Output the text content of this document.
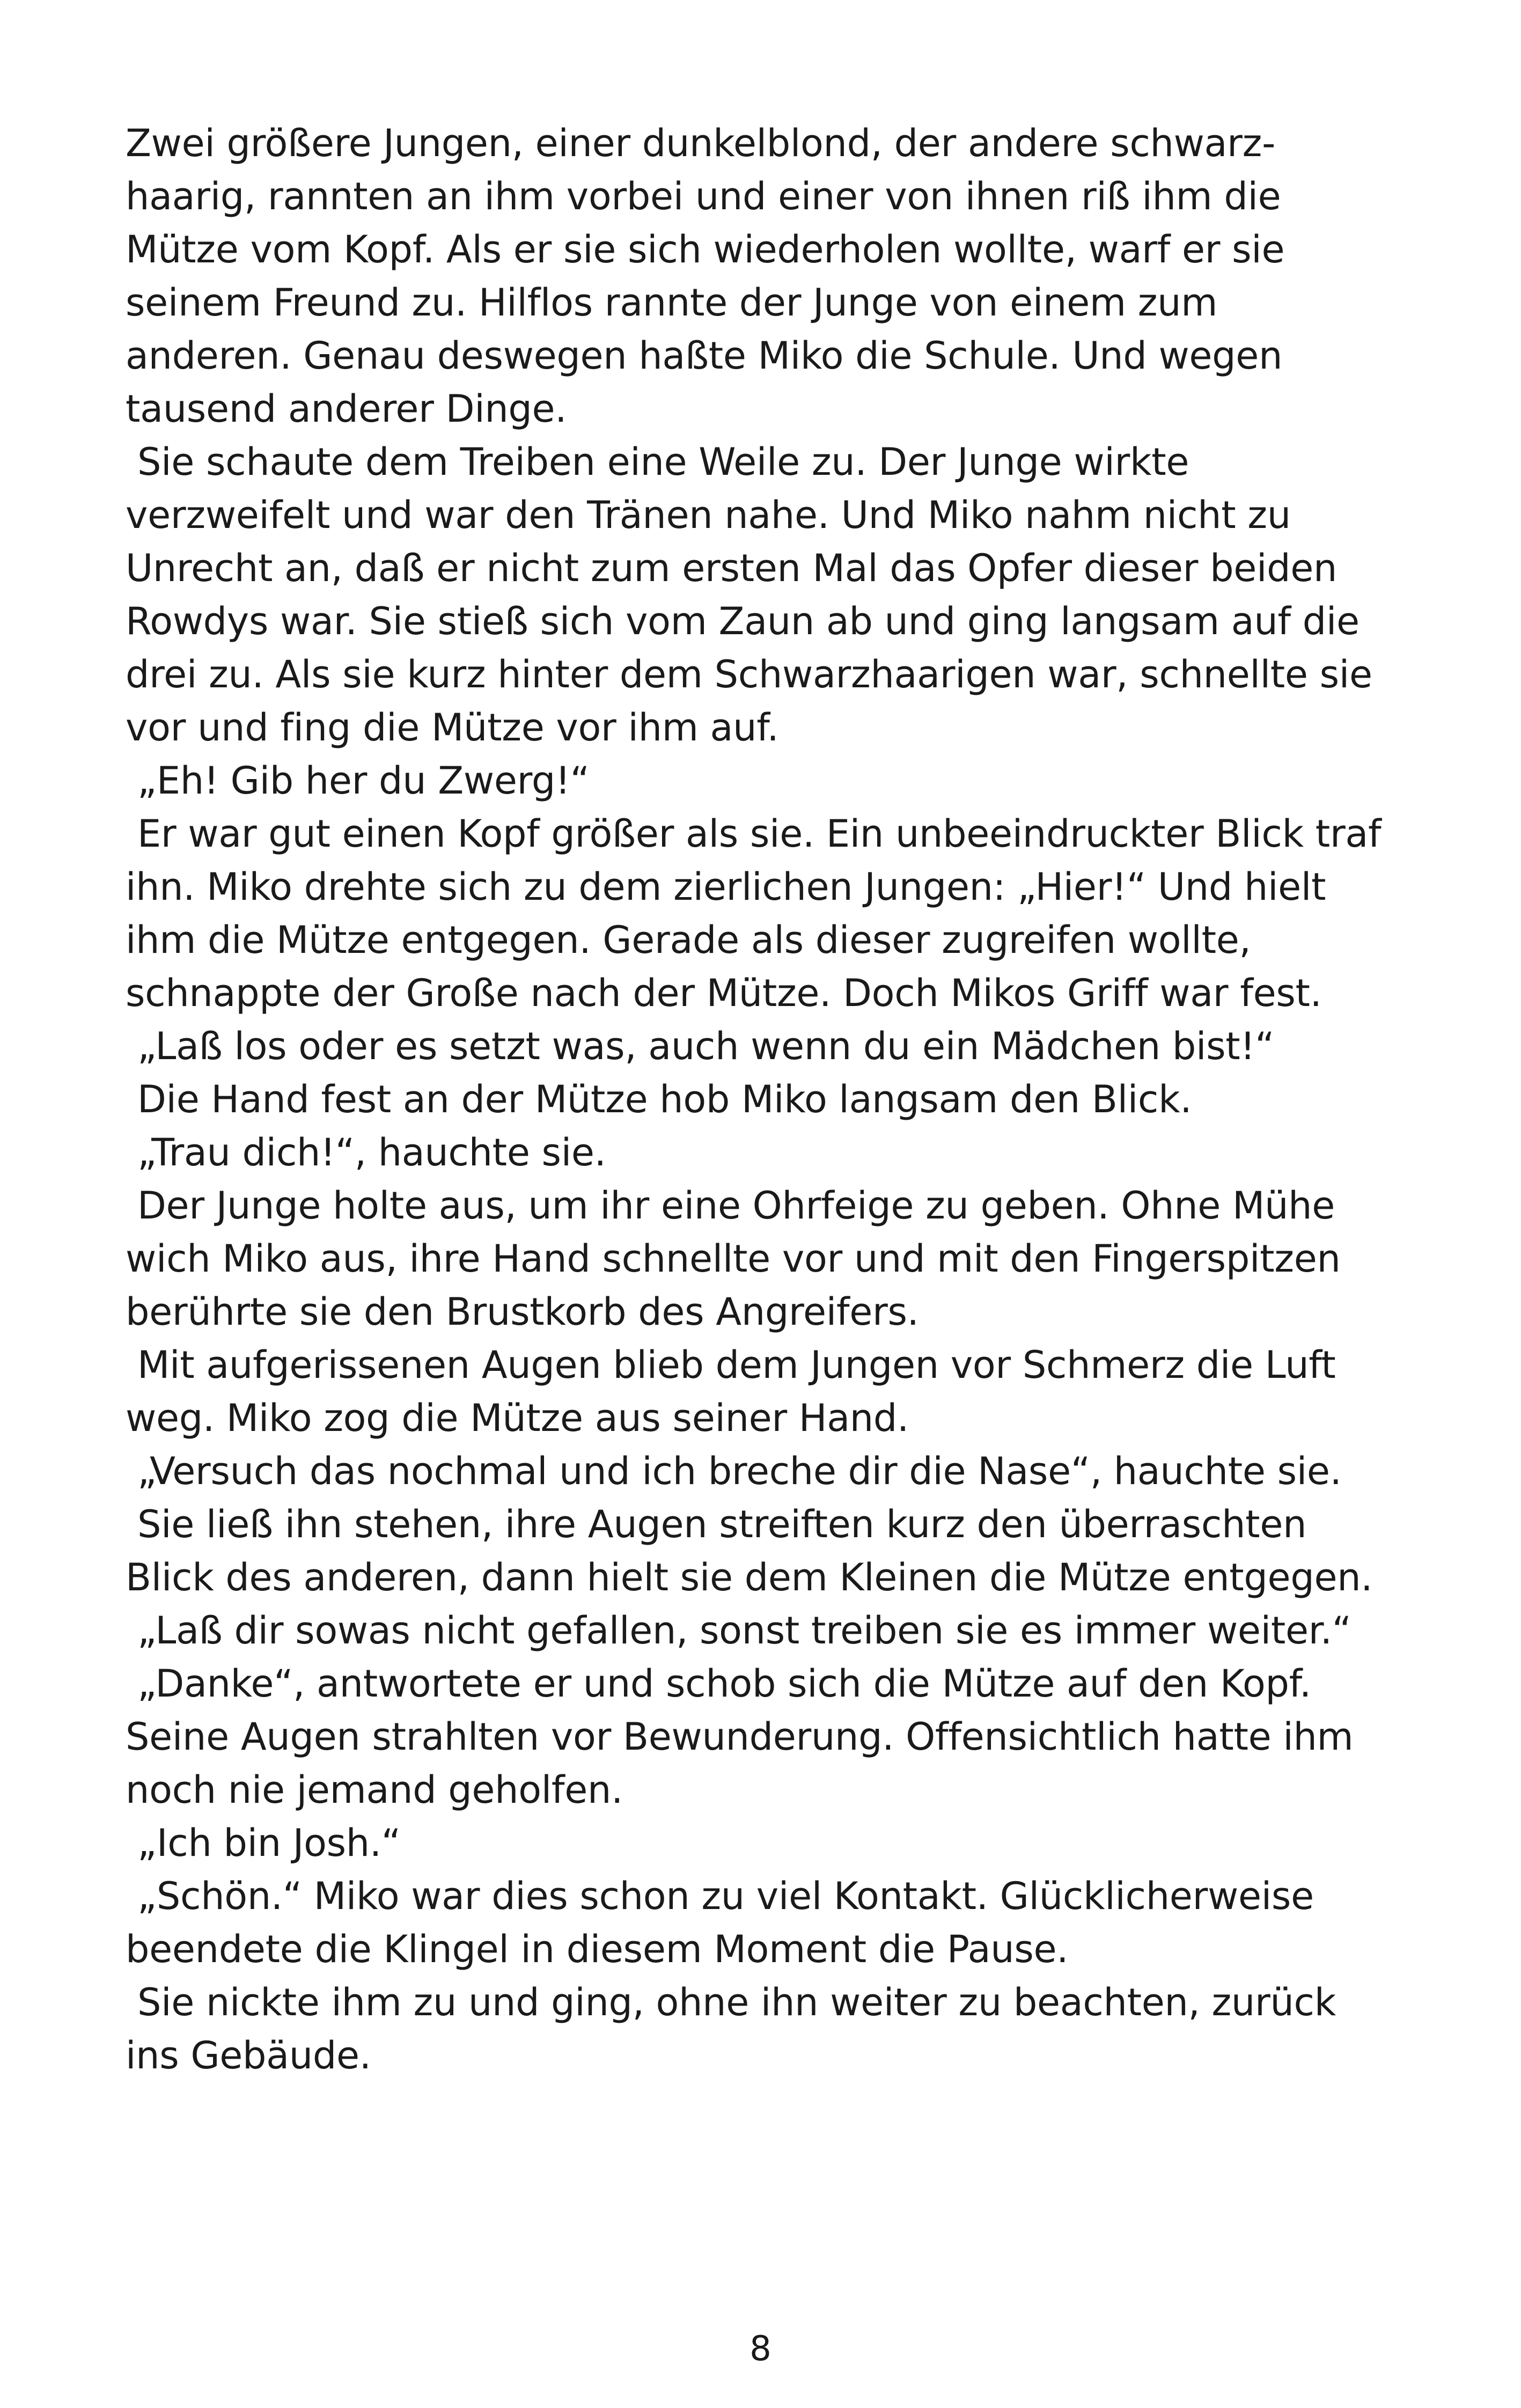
Zwei größere Jungen, einer dunkelblond, der andere schwarz-
haarig, rannten an ihm vorbei und einer von ihnen riß ihm die
Mütze vom Kopf. Als er sie sich wiederholen wollte, warf er sie
seinem Freund zu. Hilflos rannte der Junge von einem zum
anderen. Genau deswegen haßte Miko die Schule. Und wegen
tausend anderer Dinge.
Sie schaute dem Treiben eine Weile zu. Der Junge wirkte
verzweifelt und war den Tränen nahe. Und Miko nahm nicht zu
Unrecht an, daß er nicht zum ersten Mal das Opfer dieser beiden
Rowdys war. Sie stieß sich vom Zaun ab und ging langsam auf die
drei zu. Als sie kurz hinter dem Schwarzhaarigen war, schnellte sie
vor und fing die Mütze vor ihm auf.
„Eh! Gib her du Zwerg!“
Er war gut einen Kopf größer als sie. Ein unbeeindruckter Blick traf
ihn. Miko drehte sich zu dem zierlichen Jungen: „Hier!“ Und hielt
ihm die Mütze entgegen. Gerade als dieser zugreifen wollte,
schnappte der Große nach der Mütze. Doch Mikos Griff war fest.
„Laß los oder es setzt was, auch wenn du ein Mädchen bist!“
Die Hand fest an der Mütze hob Miko langsam den Blick.
„Trau dich!“, hauchte sie.
Der Junge holte aus, um ihr eine Ohrfeige zu geben. Ohne Mühe
wich Miko aus, ihre Hand schnellte vor und mit den Fingerspitzen
berührte sie den Brustkorb des Angreifers.
Mit aufgerissenen Augen blieb dem Jungen vor Schmerz die Luft
weg. Miko zog die Mütze aus seiner Hand.
„Versuch das nochmal und ich breche dir die Nase“, hauchte sie.
Sie ließ ihn stehen, ihre Augen streiften kurz den überraschten
Blick des anderen, dann hielt sie dem Kleinen die Mütze entgegen.
„Laß dir sowas nicht gefallen, sonst treiben sie es immer weiter.“
„Danke“, antwortete er und schob sich die Mütze auf den Kopf.
Seine Augen strahlten vor Bewunderung. Offensichtlich hatte ihm
noch nie jemand geholfen.
„Ich bin Josh.“
„Schön.“ Miko war dies schon zu viel Kontakt. Glücklicherweise
beendete die Klingel in diesem Moment die Pause.
Sie nickte ihm zu und ging, ohne ihn weiter zu beachten, zurück
ins Gebäude.
8
